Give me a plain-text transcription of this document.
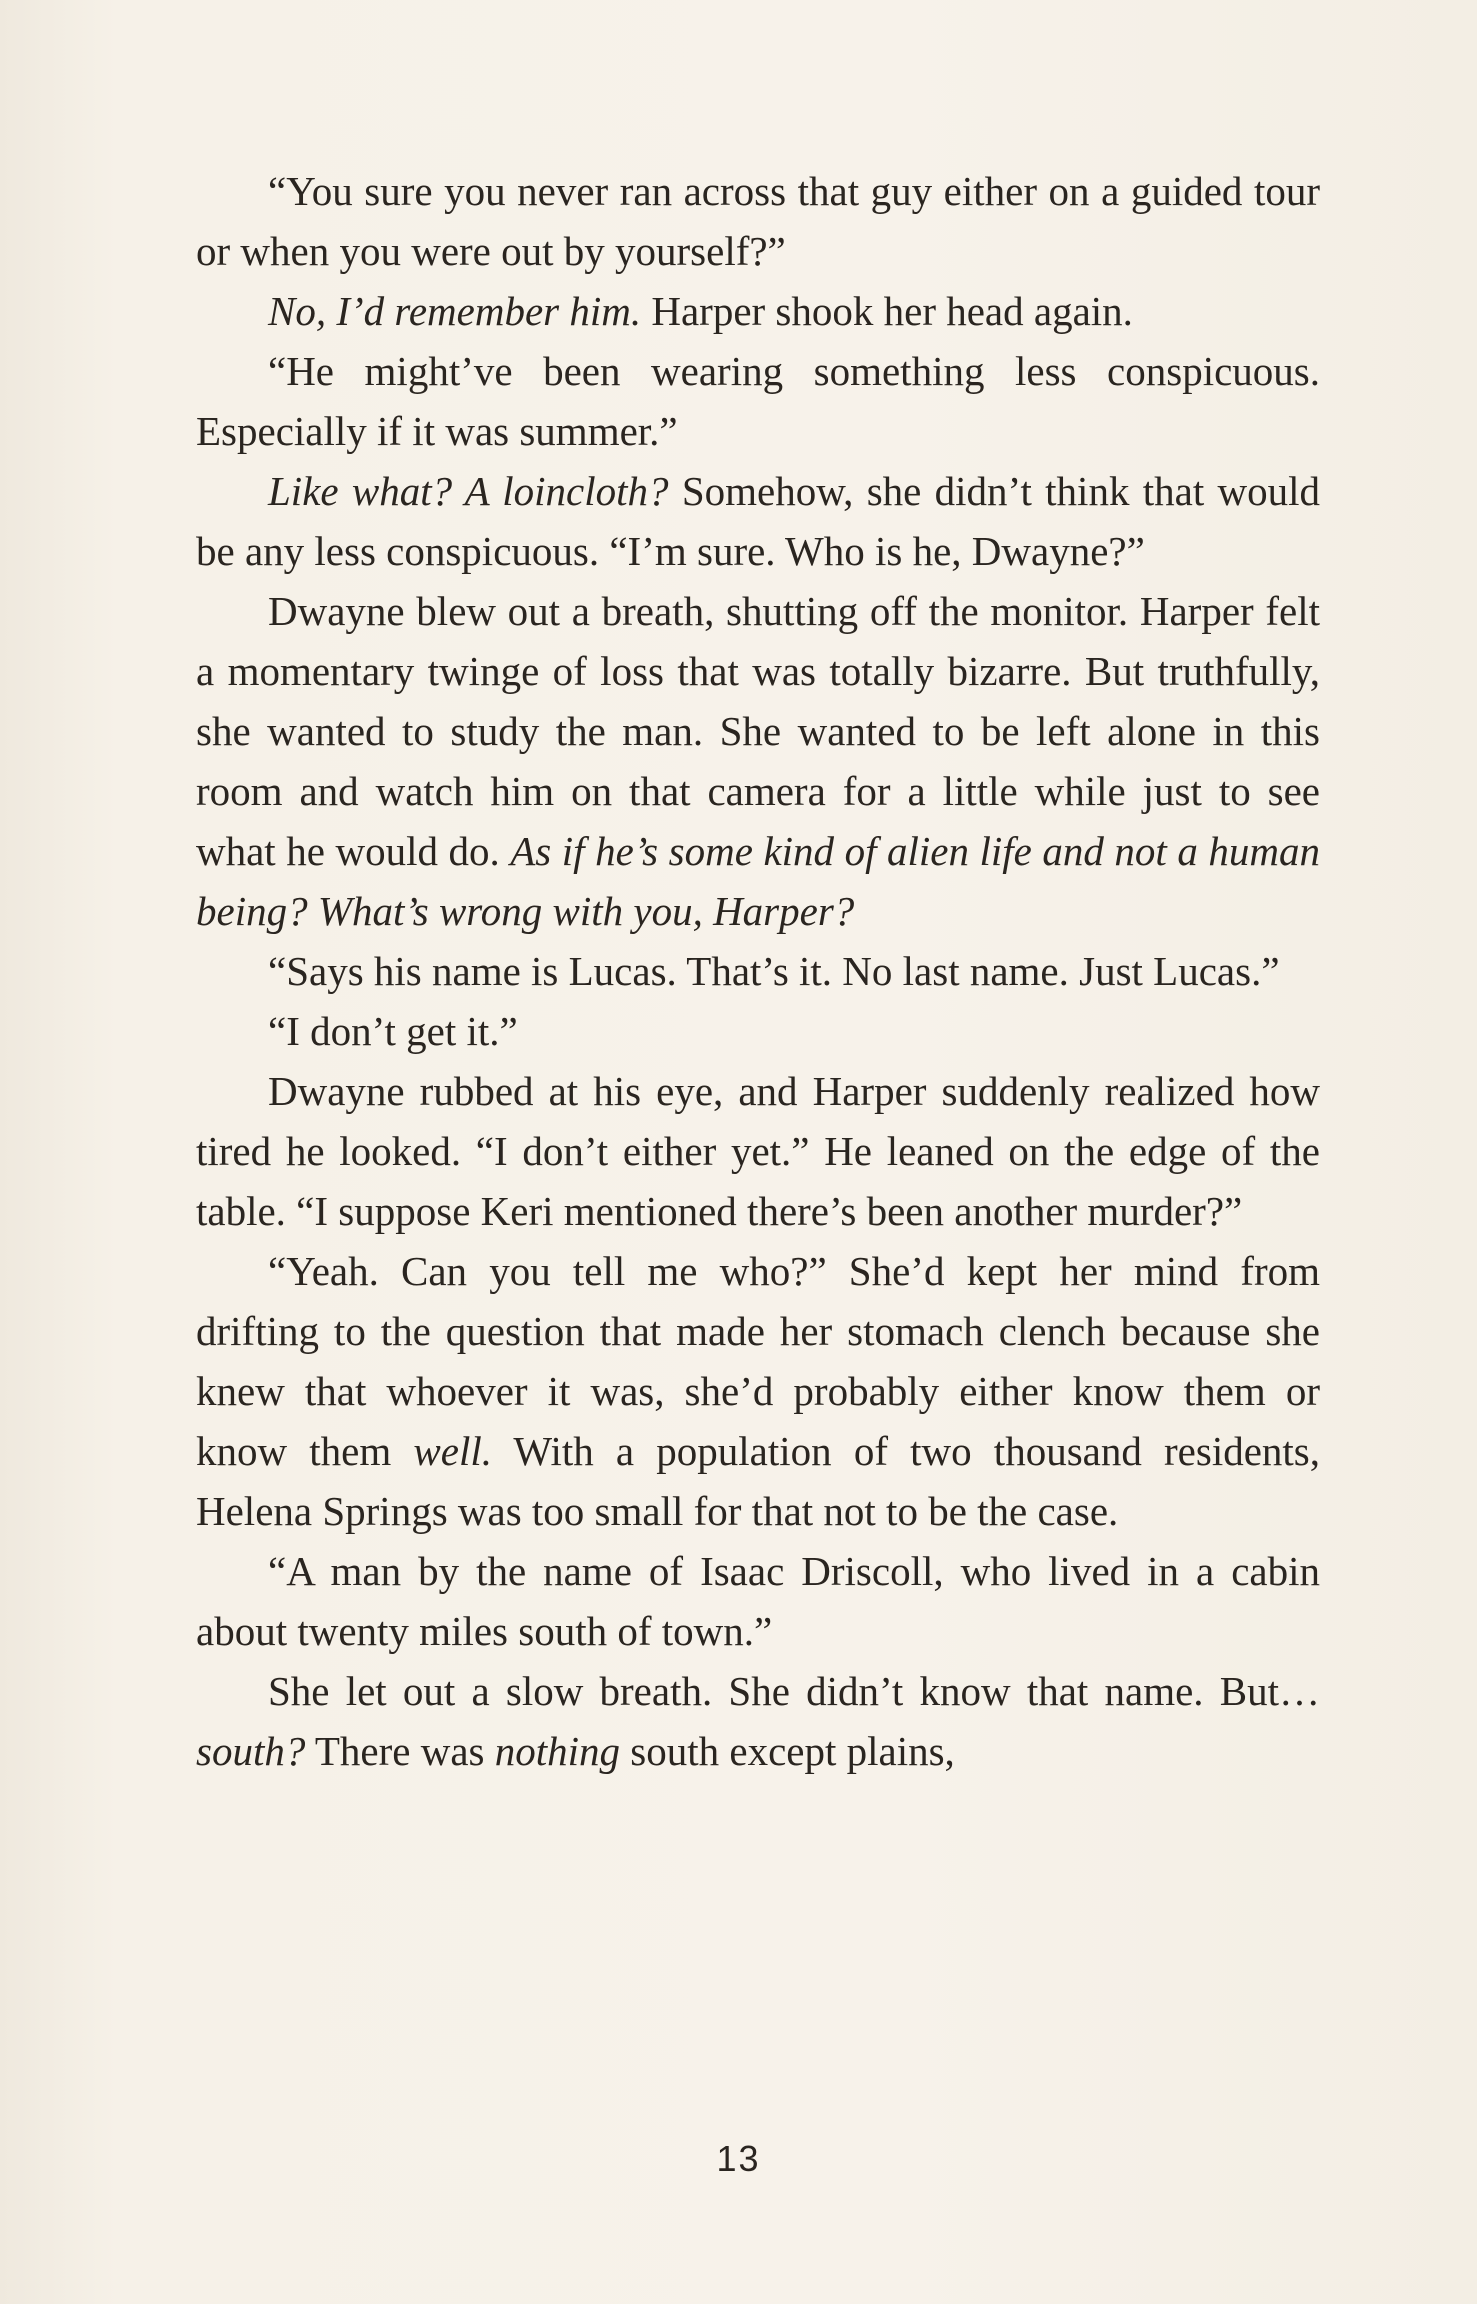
“You sure you never ran across that guy either on a guided tour or when you were out by yourself?”

No, I’d remember him. Harper shook her head again.

“He might’ve been wearing something less conspicuous. Especially if it was summer.”

Like what? A loincloth? Somehow, she didn’t think that would be any less conspicuous. “I’m sure. Who is he, Dwayne?”

Dwayne blew out a breath, shutting off the monitor. Harper felt a momentary twinge of loss that was totally bizarre. But truthfully, she wanted to study the man. She wanted to be left alone in this room and watch him on that camera for a little while just to see what he would do. As if he’s some kind of alien life and not a human being? What’s wrong with you, Harper?

“Says his name is Lucas. That’s it. No last name. Just Lucas.”

“I don’t get it.”

Dwayne rubbed at his eye, and Harper suddenly realized how tired he looked. “I don’t either yet.” He leaned on the edge of the table. “I suppose Keri mentioned there’s been another murder?”

“Yeah. Can you tell me who?” She’d kept her mind from drifting to the question that made her stomach clench because she knew that whoever it was, she’d probably either know them or know them well. With a population of two thousand residents, Helena Springs was too small for that not to be the case.

“A man by the name of Isaac Driscoll, who lived in a cabin about twenty miles south of town.”

She let out a slow breath. She didn’t know that name. But…south? There was nothing south except plains,

13
